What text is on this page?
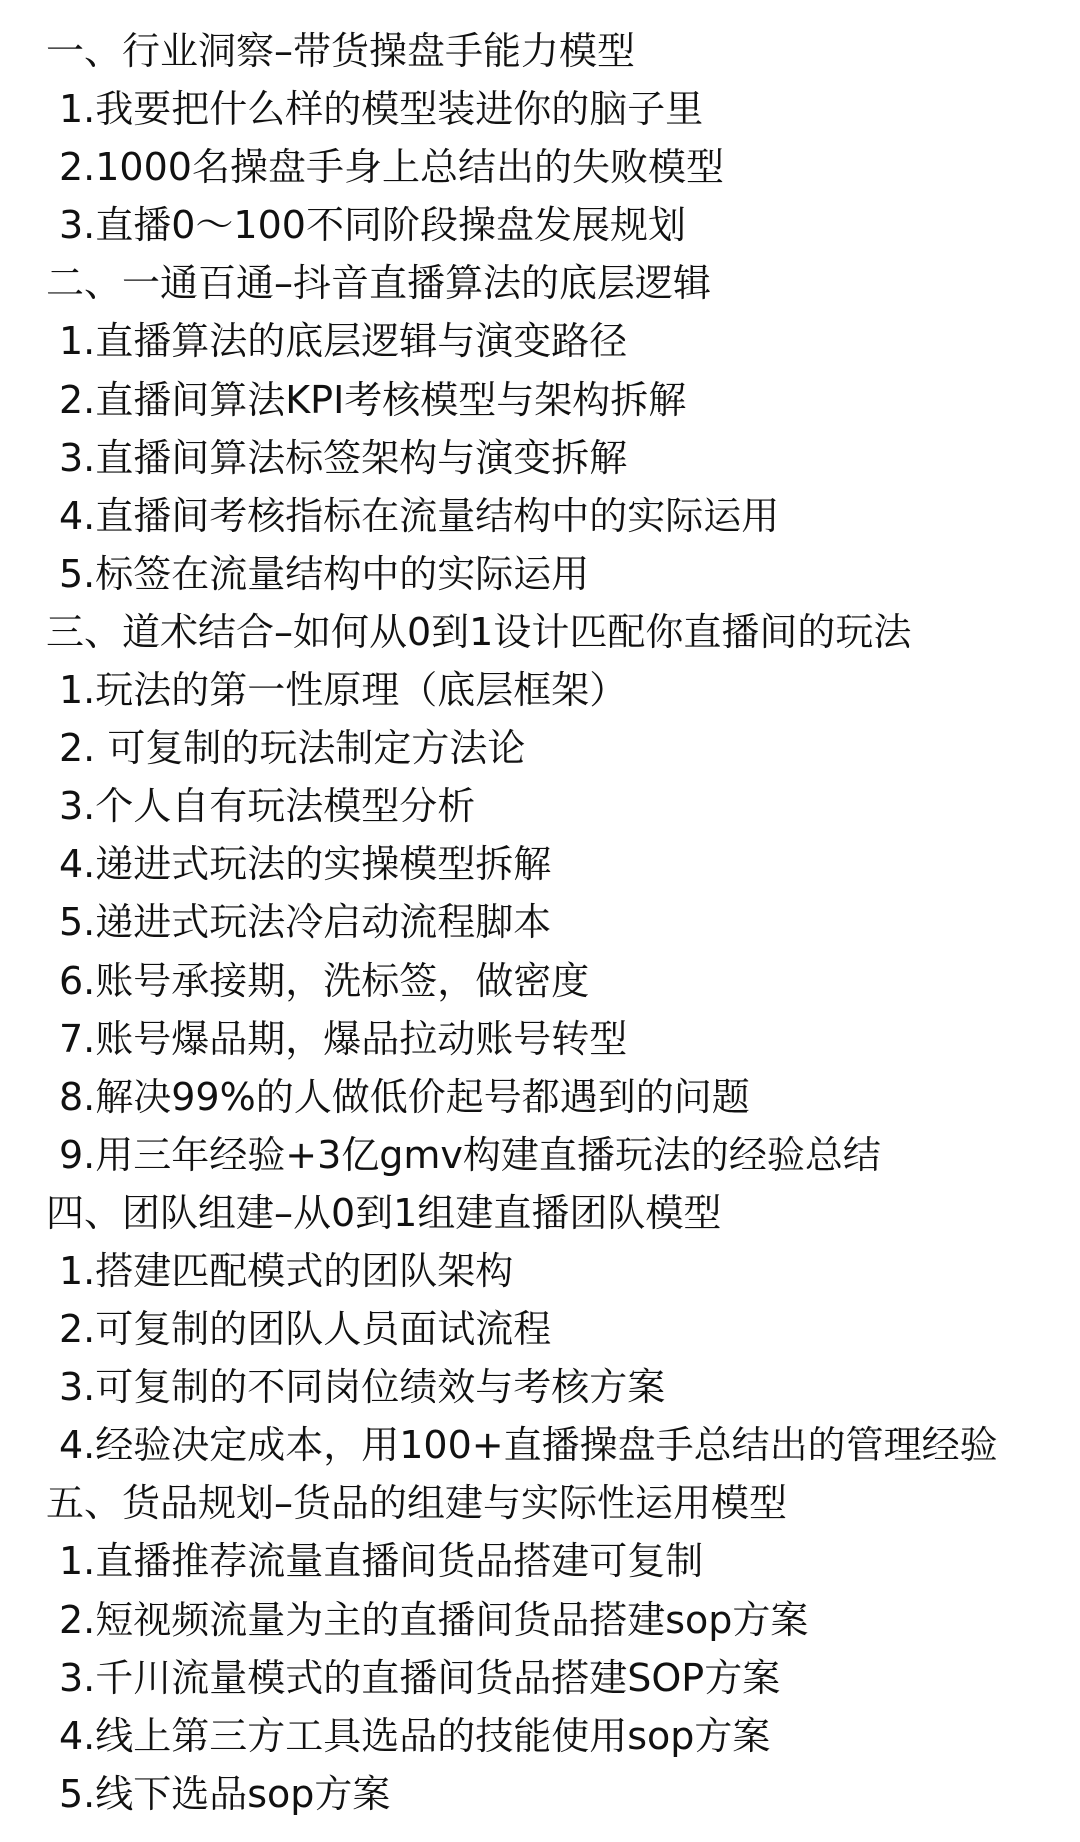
一、行业洞察–带货操盘手能力模型
1.我要把什么样的模型装进你的脑子里
2.1000名操盘手身上总结出的失败模型
3.直播0～100不同阶段操盘发展规划
二、一通百通–抖音直播算法的底层逻辑
1.直播算法的底层逻辑与演变路径
2.直播间算法KPI考核模型与架构拆解
3.直播间算法标签架构与演变拆解
4.直播间考核指标在流量结构中的实际运用
5.标签在流量结构中的实际运用
三、道术结合–如何从0到1设计匹配你直播间的玩法
1.玩法的第一性原理（底层框架）
2. 可复制的玩法制定方法论
3.个人自有玩法模型分析
4.递进式玩法的实操模型拆解
5.递进式玩法冷启动流程脚本
6.账号承接期，洗标签，做密度
7.账号爆品期，爆品拉动账号转型
8.解决99%的人做低价起号都遇到的问题
9.用三年经验+3亿gmv构建直播玩法的经验总结
四、团队组建–从0到1组建直播团队模型
1.搭建匹配模式的团队架构
2.可复制的团队人员面试流程
3.可复制的不同岗位绩效与考核方案
4.经验决定成本，用100+直播操盘手总结出的管理经验
五、货品规划–货品的组建与实际性运用模型
1.直播推荐流量直播间货品搭建可复制
2.短视频流量为主的直播间货品搭建sop方案
3.千川流量模式的直播间货品搭建SOP方案
4.线上第三方工具选品的技能使用sop方案
5.线下选品sop方案
